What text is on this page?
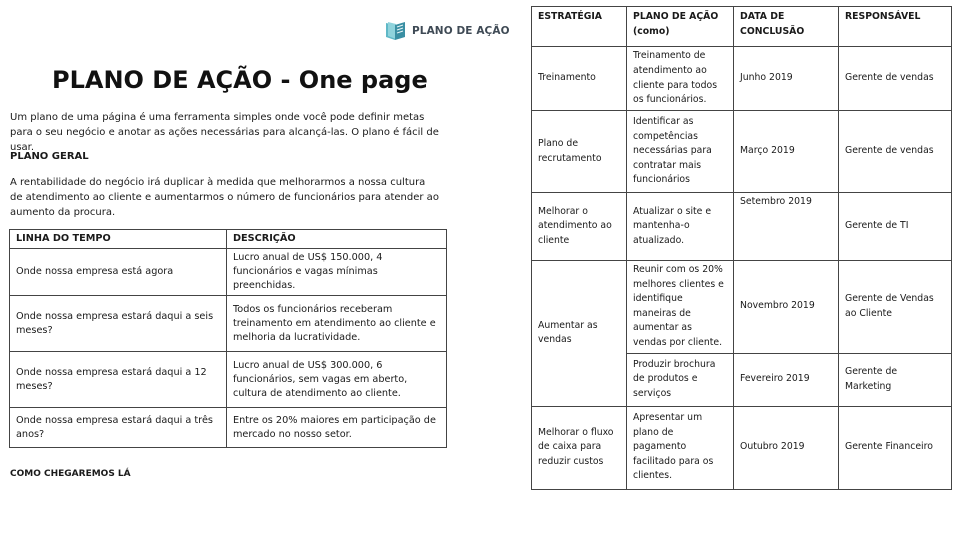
PLANO DE AÇÃO
PLANO DE AÇÃO - One page

Um plano de uma página é uma ferramenta simples onde você pode definir metas para o seu negócio e anotar as ações necessárias para alcançá-las. O plano é fácil de usar.

PLANO GERAL

A rentabilidade do negócio irá duplicar à medida que melhorarmos a nossa cultura de atendimento ao cliente e aumentarmos o número de funcionários para atender ao aumento da procura.

LINHA DO TEMPO	DESCRIÇÃO
Onde nossa empresa está agora	Lucro anual de US$ 150.000, 4 funcionários e vagas mínimas preenchidas.
Onde nossa empresa estará daqui a seis meses?	Todos os funcionários receberam treinamento em atendimento ao cliente e melhoria da lucratividade.
Onde nossa empresa estará daqui a 12 meses?	Lucro anual de US$ 300.000, 6 funcionários, sem vagas em aberto, cultura de atendimento ao cliente.
Onde nossa empresa estará daqui a três anos?	Entre os 20% maiores em participação de mercado no nosso setor.

COMO CHEGAREMOS LÁ

ESTRATÉGIA	PLANO DE AÇÃO (como)	DATA DE CONCLUSÃO	RESPONSÁVEL
Treinamento	Treinamento de atendimento ao cliente para todos os funcionários.	Junho 2019	Gerente de vendas
Plano de recrutamento	Identificar as competências necessárias para contratar mais funcionários	Março 2019	Gerente de vendas
Melhorar o atendimento ao cliente	Atualizar o site e mantenha-o atualizado.	Setembro 2019	Gerente de TI
Aumentar as vendas	Reunir com os 20% melhores clientes e identifique maneiras de aumentar as vendas por cliente.	Novembro 2019	Gerente de Vendas ao Cliente
	Produzir brochura de produtos e serviços	Fevereiro 2019	Gerente de Marketing
Melhorar o fluxo de caixa para reduzir custos	Apresentar um plano de pagamento facilitado para os clientes.	Outubro 2019	Gerente Financeiro
